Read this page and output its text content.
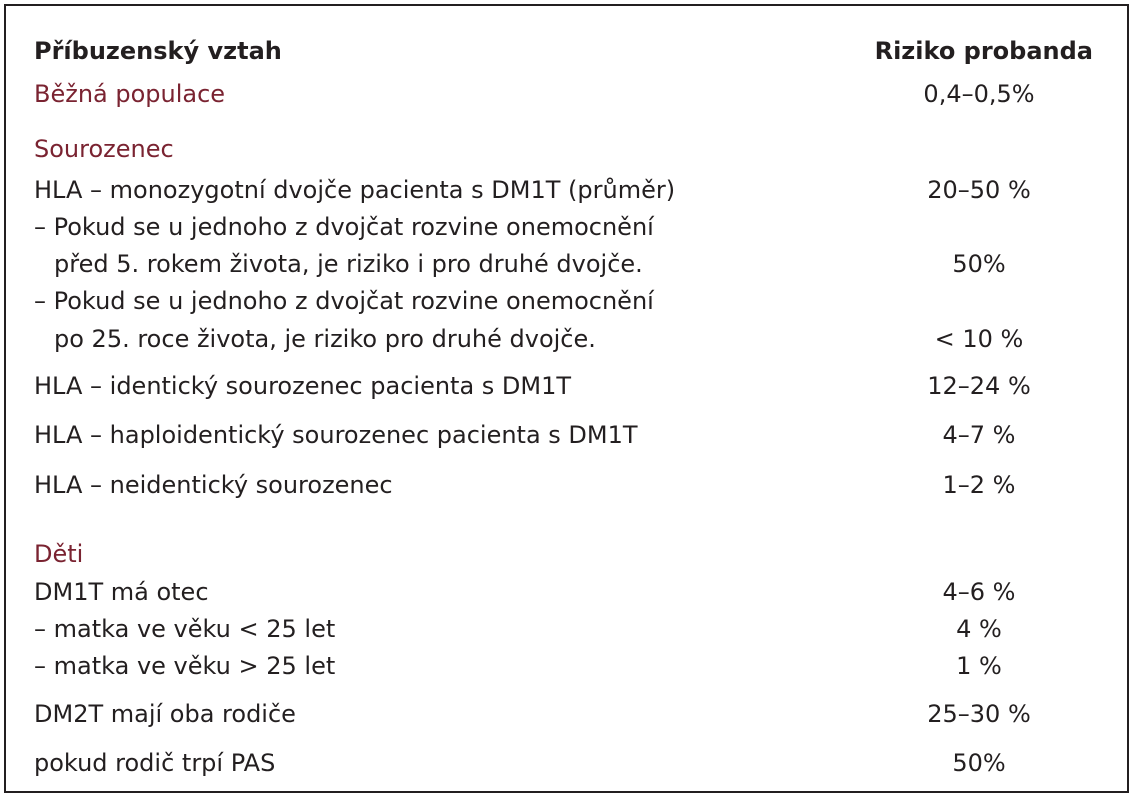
Příbuzenský vztah	Riziko probanda
Běžná populace	0,4–0,5%
Sourozenec
HLA – monozygotní dvojče pacienta s DM1T (průměr)	20–50 %
– Pokud se u jednoho z dvojčat rozvine onemocnění
před 5. rokem života, je riziko i pro druhé dvojče.	50%
– Pokud se u jednoho z dvojčat rozvine onemocnění
po 25. roce života, je riziko pro druhé dvojče.	< 10 %
HLA – identický sourozenec pacienta s DM1T	12–24 %
HLA – haploidentický sourozenec pacienta s DM1T	4–7 %
HLA – neidentický sourozenec	1–2 %
Děti
DM1T má otec	4–6 %
– matka ve věku < 25 let	4 %
– matka ve věku > 25 let	1 %
DM2T mají oba rodiče	25–30 %
pokud rodič trpí PAS	50%
